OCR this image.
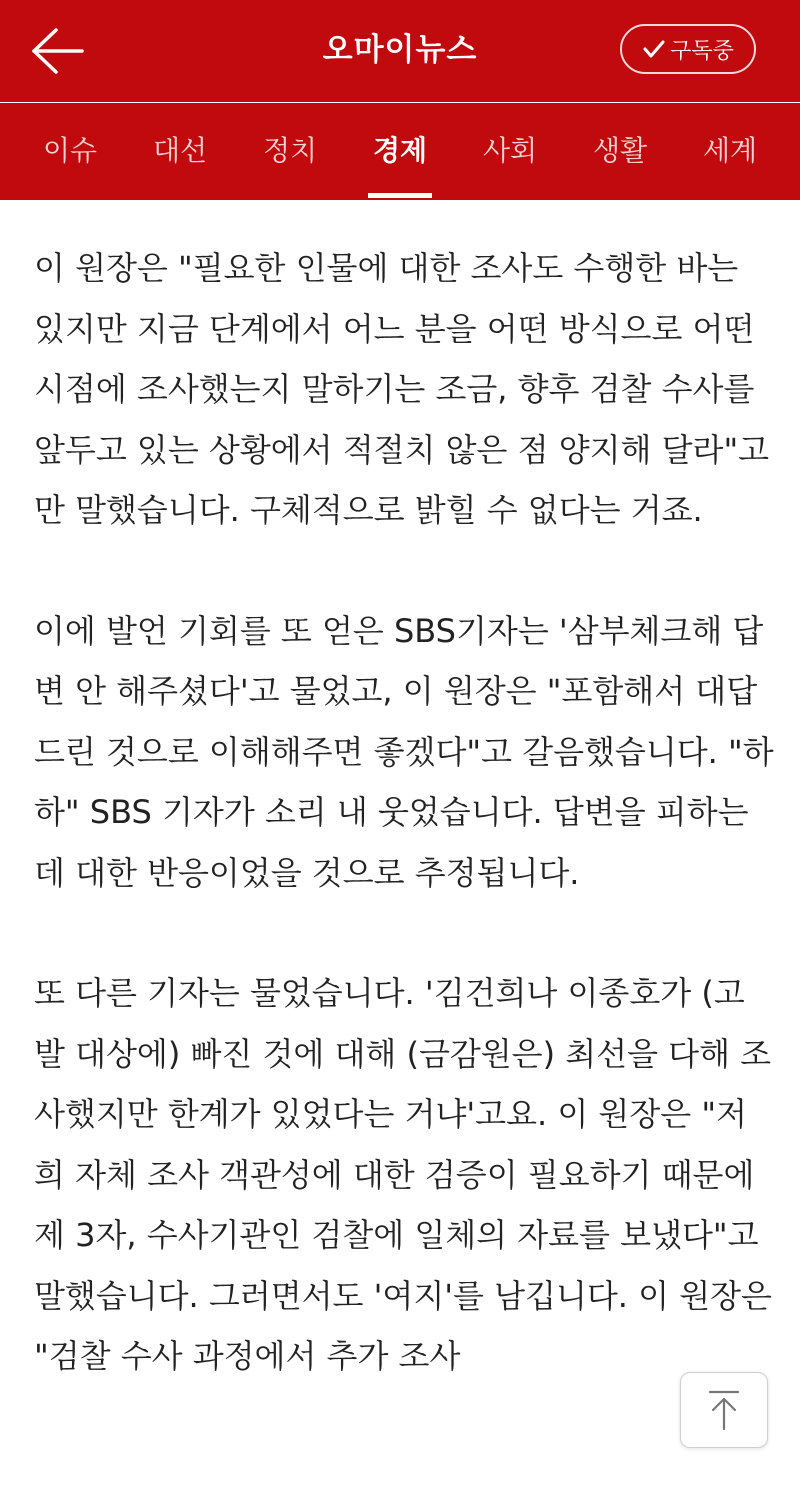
오마이뉴스	구독중
이슈	대선	정치	경제	사회	생활	세계

이 원장은 "필요한 인물에 대한 조사도 수행한 바는 있지만 지금 단계에서 어느 분을 어떤 방식으로 어떤 시점에 조사했는지 말하기는 조금, 향후 검찰 수사를 앞두고 있는 상황에서 적절치 않은 점 양지해 달라"고만 말했습니다. 구체적으로 밝힐 수 없다는 거죠.

이에 발언 기회를 또 얻은 SBS기자는 '삼부체크해 답변 안 해주셨다'고 물었고, 이 원장은 "포함해서 대답 드린 것으로 이해해주면 좋겠다"고 갈음했습니다. "하하" SBS 기자가 소리 내 웃었습니다. 답변을 피하는 데 대한 반응이었을 것으로 추정됩니다.

또 다른 기자는 물었습니다. '김건희나 이종호가 (고발 대상에) 빠진 것에 대해 (금감원은) 최선을 다해 조사했지만 한계가 있었다는 거냐'고요. 이 원장은 "저희 자체 조사 객관성에 대한 검증이 필요하기 때문에 제 3자, 수사기관인 검찰에 일체의 자료를 보냈다"고 말했습니다. 그러면서도 '여지'를 남깁니다. 이 원장은 "검찰 수사 과정에서 추가 조사
